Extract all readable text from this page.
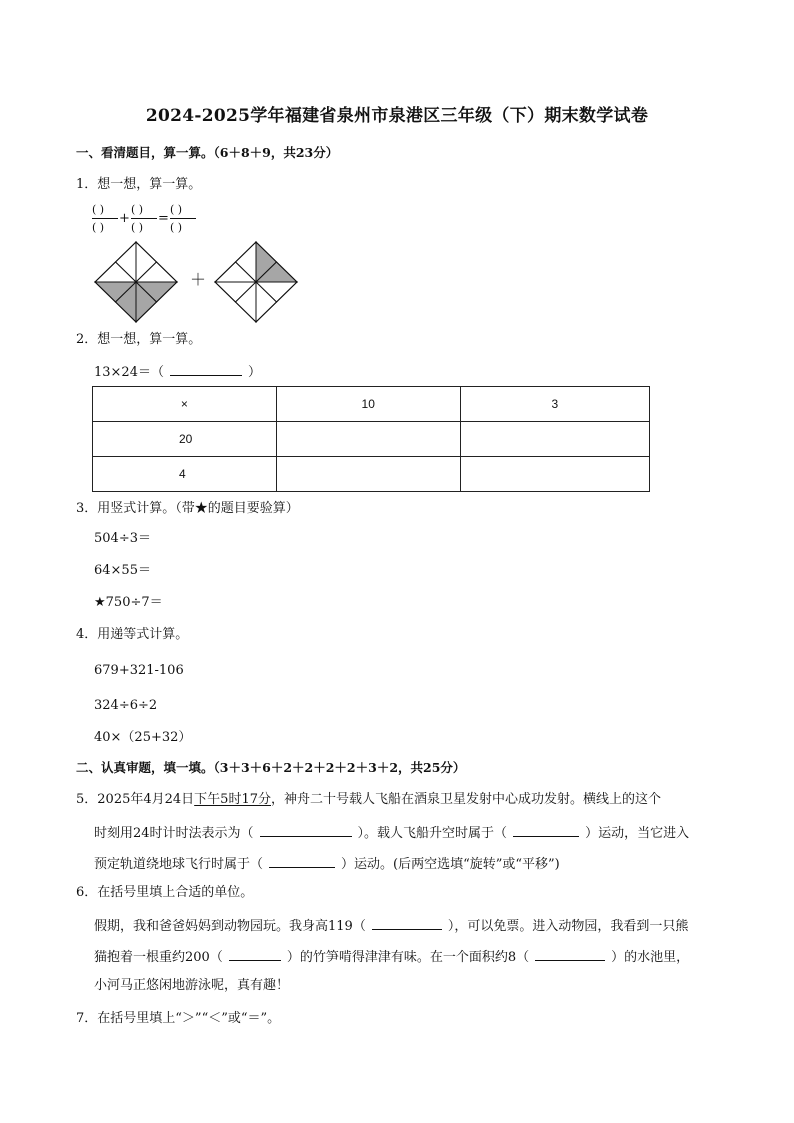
2024-2025学年福建省泉州市泉港区三年级（下）期末数学试卷
一、看清题目，算一算。（6＋8＋9，共23分）
1．想一想，算一算。
( )
( )
+
( )
( )
=
( )
( )
＋
2．想一想，算一算。
13×24＝（	）
×	10	3
20		
4		
3．用竖式计算。（带★的题目要验算）
504÷3＝
64×55＝
★750÷7＝
4．用递等式计算。
679+321-106
324÷6÷2
40×（25+32）
二、认真审题，填一填。（3＋3＋6＋2＋2＋2＋2＋3＋2，共25分）
5．2025年4月24日下午5时17分，神舟二十号载人飞船在酒泉卫星发射中心成功发射。横线上的这个
时刻用24时计时法表示为（	）。载人飞船升空时属于（	）运动，当它进入
预定轨道绕地球飞行时属于（	）运动。(后两空选填“旋转”或“平移”)
6．在括号里填上合适的单位。
假期，我和爸爸妈妈到动物园玩。我身高119（	），可以免票。进入动物园，我看到一只熊
猫抱着一根重约200（	）的竹笋啃得津津有味。在一个面积约8（	）的水池里，
小河马正悠闲地游泳呢，真有趣！
7．在括号里填上“＞”“＜”或“＝”。
